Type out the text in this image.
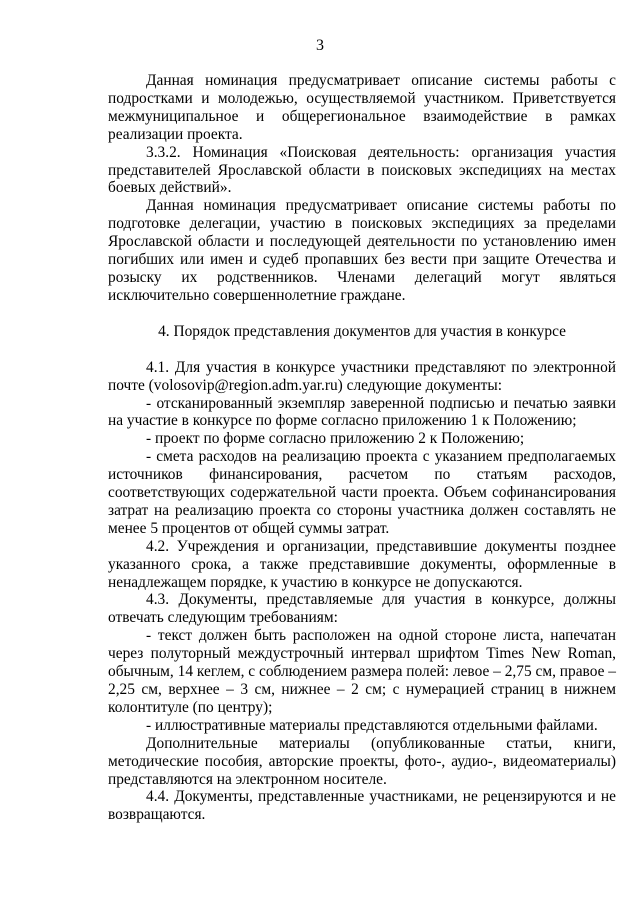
3

Данная номинация предусматривает описание системы работы с подростками и молодежью, осуществляемой участником. Приветствуется межмуниципальное и общерегиональное взаимодействие в рамках реализации проекта.

3.3.2. Номинация «Поисковая деятельность: организация участия представителей Ярославской области в поисковых экспедициях на местах боевых действий».

Данная номинация предусматривает описание системы работы по подготовке делегации, участию в поисковых экспедициях за пределами Ярославской области и последующей деятельности по установлению имен погибших или имен и судеб пропавших без вести при защите Отечества и розыску их родственников. Членами делегаций могут являться исключительно совершеннолетние граждане.

4. Порядок представления документов для участия в конкурсе

4.1. Для участия в конкурсе участники представляют по электронной почте (volosovip@region.adm.yar.ru) следующие документы:

- отсканированный экземпляр заверенной подписью и печатью заявки на участие в конкурсе по форме согласно приложению 1 к Положению;

- проект по форме согласно приложению 2 к Положению;

- смета расходов на реализацию проекта с указанием предполагаемых источников финансирования, расчетом по статьям расходов, соответствующих содержательной части проекта. Объем софинансирования затрат на реализацию проекта со стороны участника должен составлять не менее 5 процентов от общей суммы затрат.

4.2. Учреждения и организации, представившие документы позднее указанного срока, а также представившие документы, оформленные в ненадлежащем порядке, к участию в конкурсе не допускаются.

4.3. Документы, представляемые для участия в конкурсе, должны отвечать следующим требованиям:

- текст должен быть расположен на одной стороне листа, напечатан через полуторный междустрочный интервал шрифтом Times New Roman, обычным, 14 кеглем, с соблюдением размера полей: левое – 2,75 см, правое – 2,25 см, верхнее – 3 см, нижнее – 2 см; с нумерацией страниц в нижнем колонтитуле (по центру);

- иллюстративные материалы представляются отдельными файлами.

Дополнительные материалы (опубликованные статьи, книги, методические пособия, авторские проекты, фото-, аудио-, видеоматериалы) представляются на электронном носителе.

4.4. Документы, представленные участниками, не рецензируются и не возвращаются.
